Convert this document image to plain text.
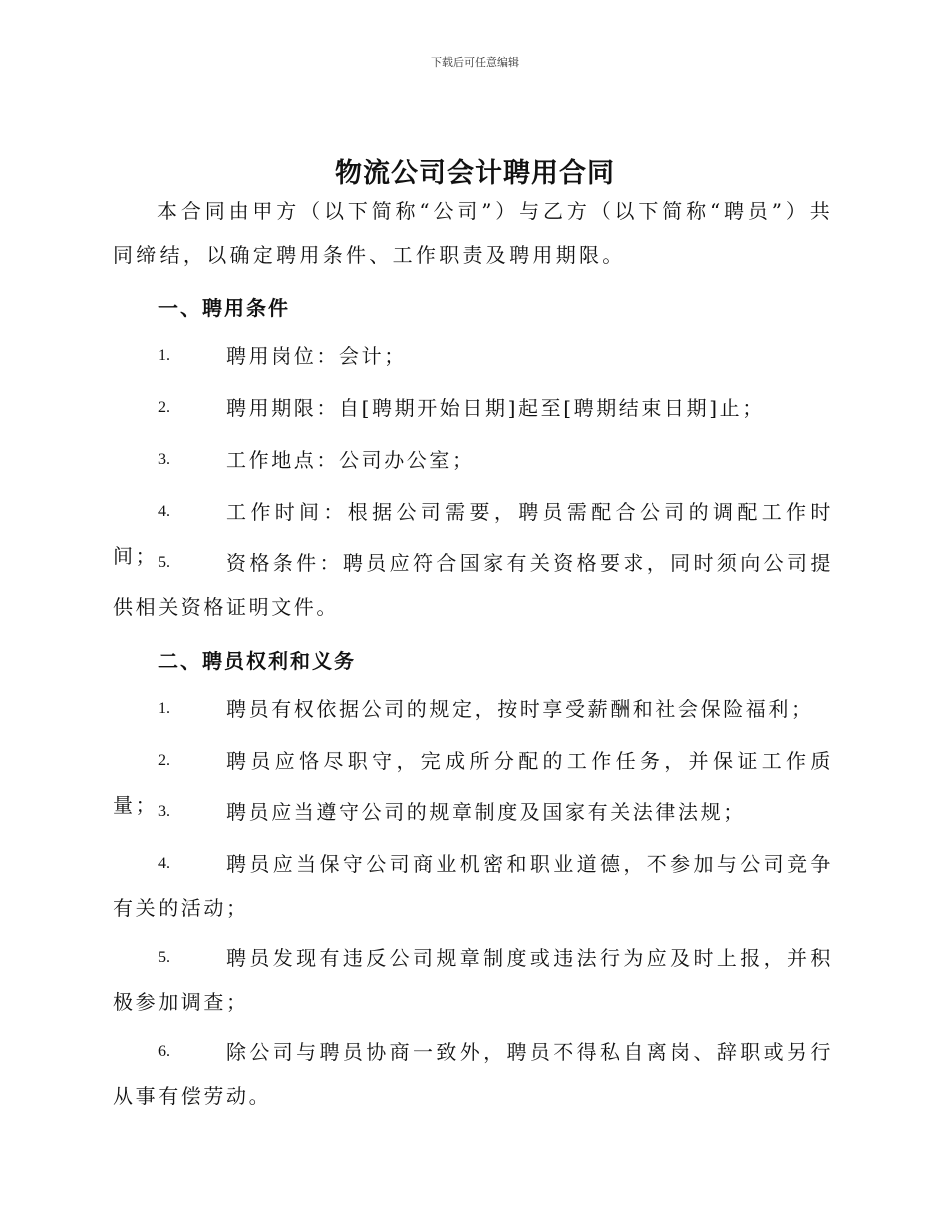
下载后可任意编辑
物流公司会计聘用合同
本合同由甲方（以下简称“公司”）与乙方（以下简称“聘员”）共同缔结，以确定聘用条件、工作职责及聘用期限。
一、聘用条件
1.	聘用岗位：会计；
2.	聘用期限：自[聘期开始日期]起至[聘期结束日期]止；
3.	工作地点：公司办公室；
4.	工作时间：根据公司需要，聘员需配合公司的调配工作时间； 5.	资格条件：聘员应符合国家有关资格要求，同时须向公司提供相关资格证明文件。
二、聘员权利和义务
1.	聘员有权依据公司的规定，按时享受薪酬和社会保险福利；
2.	聘员应恪尽职守，完成所分配的工作任务，并保证工作质量； 3.	聘员应当遵守公司的规章制度及国家有关法律法规；
4.	聘员应当保守公司商业机密和职业道德，不参加与公司竞争有关的活动；
5.	聘员发现有违反公司规章制度或违法行为应及时上报，并积极参加调查；
6.	除公司与聘员协商一致外，聘员不得私自离岗、辞职或另行从事有偿劳动。
